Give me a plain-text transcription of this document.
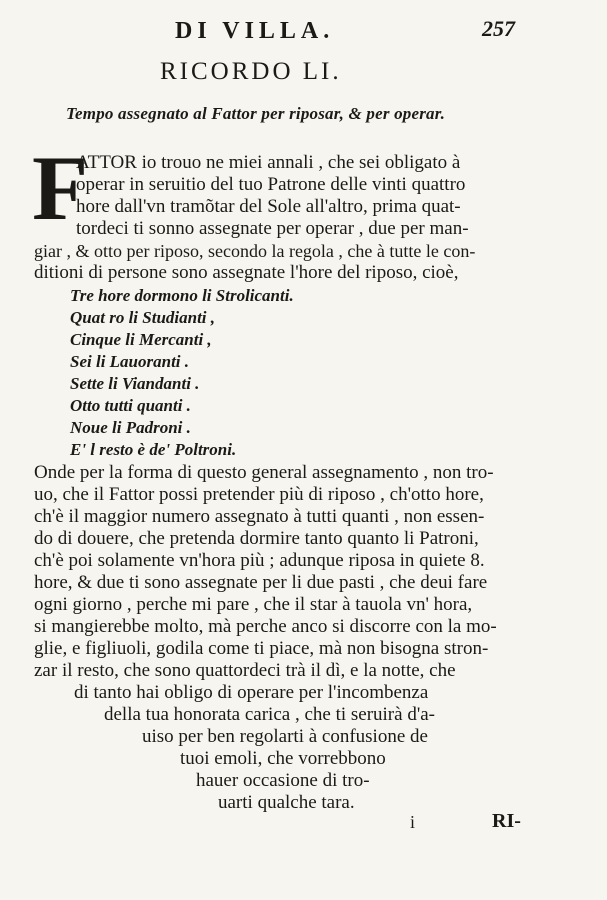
DI VILLA.	257
RICORDO LI.
Tempo assegnato al Fattor per riposar, & per operar.
F
ATTOR io trouo ne miei annali , che sei obligato à
operar in seruitio del tuo Patrone delle vinti quattro
hore dall'vn tramõtar del Sole all'altro, prima quat-
tordeci ti sonno assegnate per operar , due per man-
giar , & otto per riposo, secondo la regola , che à tutte le con-
ditioni di persone sono assegnate l'hore del riposo, cioè,
Tre hore dormono li Strolicanti.
Quat ro li Studianti ,
Cinque li Mercanti ,
Sei li Lauoranti .
Sette li Viandanti .
Otto tutti quanti .
Noue li Padroni .
E' l resto è de' Poltroni.
Onde per la forma di questo general assegnamento , non tro-
uo, che il Fattor possi pretender più di riposo , ch'otto hore,
ch'è il maggior numero assegnato à tutti quanti , non essen-
do di douere, che pretenda dormire tanto quanto li Patroni,
ch'è poi solamente vn'hora più ; adunque riposa in quiete 8.
hore, & due ti sono assegnate per li due pasti , che deui fare
ogni giorno , perche mi pare , che il star à tauola vn' hora,
si mangierebbe molto, mà perche anco si discorre con la mo-
glie, e figliuoli, godila come ti piace, mà non bisogna stron-
zar il resto, che sono quattordeci trà il dì, e la notte, che
di tanto hai obligo di operare per l'incombenza
della tua honorata carica , che ti seruirà d'a-
uiso per ben regolarti à confusione de
tuoi emoli, che vorrebbono
hauer occasione di tro-
uarti qualche tara.
i	RI-
